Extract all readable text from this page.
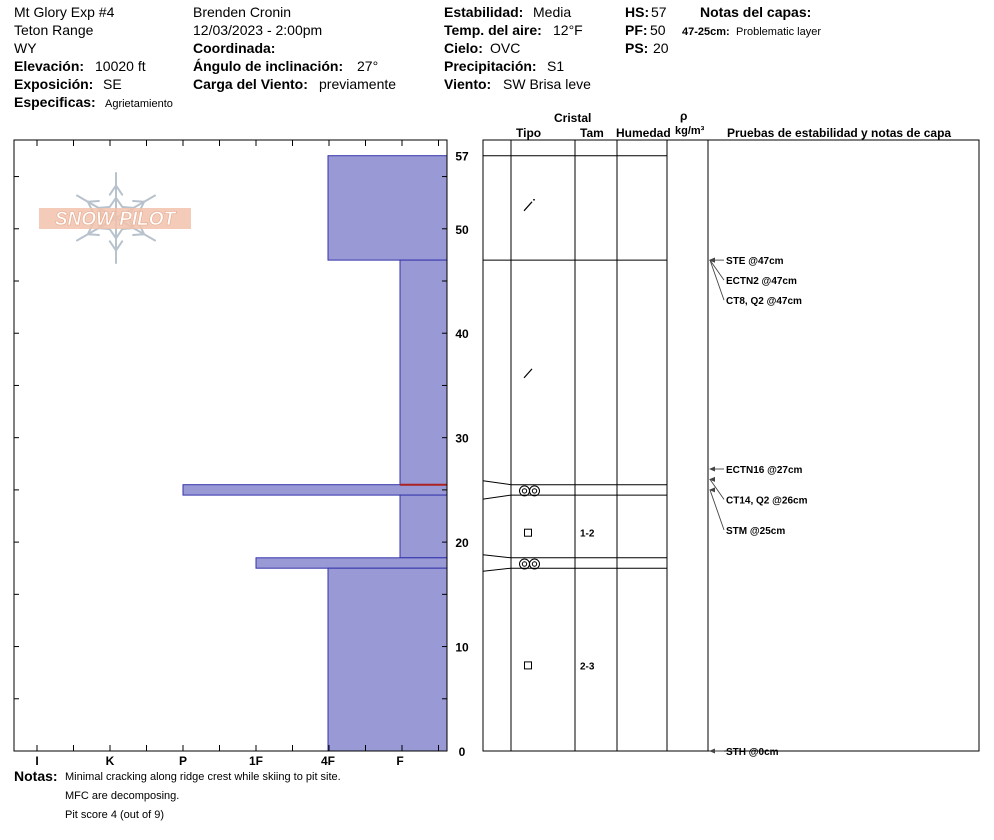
Mt Glory Exp #4
Teton Range
WY
Elevación: 10020 ft
Exposición: SE
Especificas: Agrietamiento
Brenden Cronin
12/03/2023 - 2:00pm
Coordinada:
Ángulo de inclinación: 27°
Carga del Viento: previamente
Estabilidad: Media
Temp. del aire: 12°F
Cielo: OVC
Precipitación: S1
Viento: SW Brisa leve
HS: 57
PF: 50
PS: 20
Notas del capas:
47-25cm: Problematic layer
Cristal
Tipo	Tam Humedad
ρ
kg/m³ Pruebas de estabilidad y notas de capa
SNOW PILOT
I	K	P	1F	4F	F
0
10
20
30
40
50
57
1-2
2-3
STE @47cm
ECTN2 @47cm
CT8, Q2 @47cm
ECTN16 @27cm
CT14, Q2 @26cm
STM @25cm
STH @0cm
Notas: Minimal cracking along ridge crest while skiing to pit site.
MFC are decomposing.
Pit score 4 (out of 9)
